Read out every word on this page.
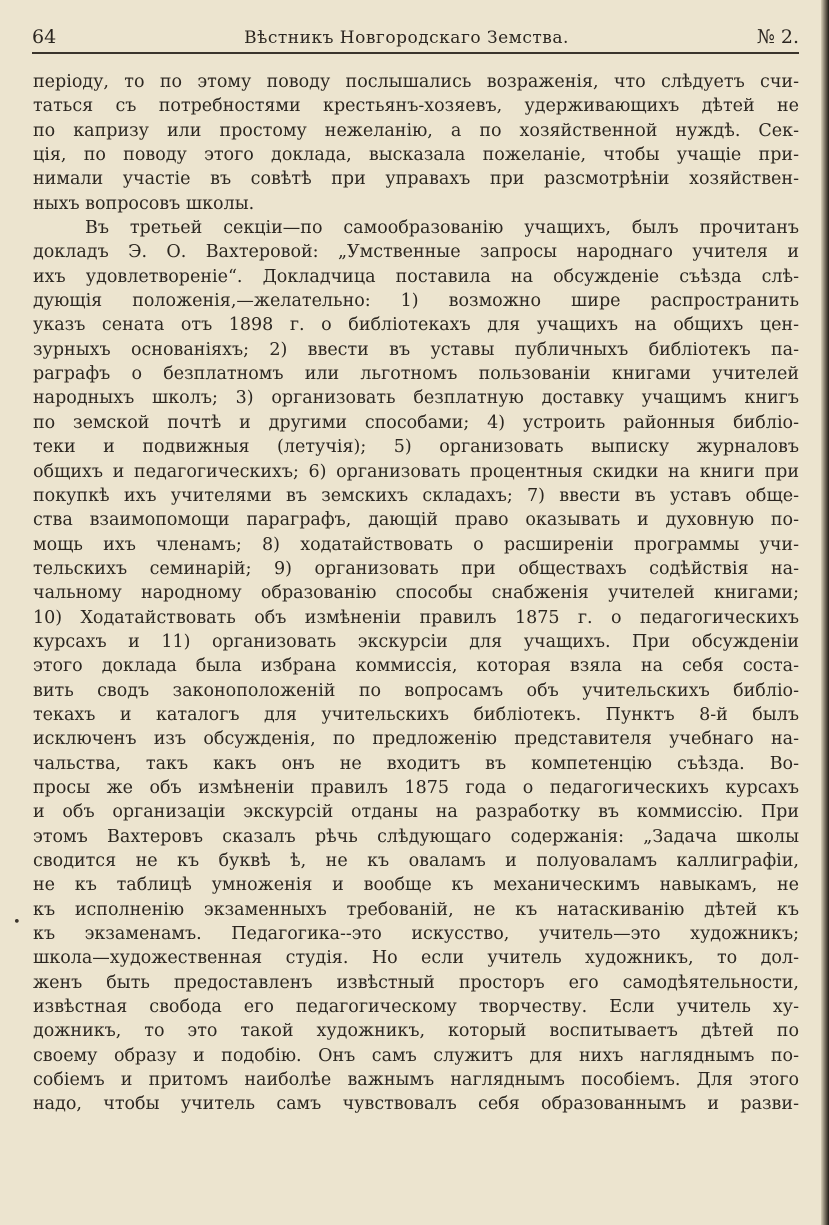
64	Вѣстникъ Новгородскаго Земства.	№ 2.
періоду, то по этому поводу послышались возраженія, что слѣдуетъ счи-
таться съ потребностями крестьянъ-хозяевъ, удерживающихъ дѣтей не
по капризу или простому нежеланію, а по хозяйственной нуждѣ. Сек-
ція, по поводу этого доклада, высказала пожеланіе, чтобы учащіе при-
нимали участіе въ совѣтѣ при управахъ при разсмотрѣніи хозяйствен-
ныхъ вопросовъ школы.
Въ третьей секціи—по самообразованію учащихъ, былъ прочитанъ
докладъ Э. О. Вахтеровой: „Умственные запросы народнаго учителя и
ихъ удовлетвореніе“. Докладчица поставила на обсужденіе съѣзда слѣ-
дующія положенія,—желательно: 1) возможно шире распространить
указъ сената отъ 1898 г. о библіотекахъ для учащихъ на общихъ цен-
зурныхъ основаніяхъ; 2) ввести въ уставы публичныхъ библіотекъ па-
раграфъ о безплатномъ или льготномъ пользованіи книгами учителей
народныхъ школъ; 3) организовать безплатную доставку учащимъ книгъ
по земской почтѣ и другими способами; 4) устроить районныя библіо-
теки и подвижныя (летучія); 5) организовать выписку журналовъ
общихъ и педагогическихъ; 6) организовать процентныя скидки на книги при
покупкѣ ихъ учителями въ земскихъ складахъ; 7) ввести въ уставъ обще-
ства взаимопомощи параграфъ, дающій право оказывать и духовную по-
мощь ихъ членамъ; 8) ходатайствовать о расширеніи программы учи-
тельскихъ семинарій; 9) организовать при обществахъ содѣйствія на-
чальному народному образованію способы снабженія учителей книгами;
10) Ходатайствовать объ измѣненіи правилъ 1875 г. о педагогическихъ
курсахъ и 11) организовать экскурсіи для учащихъ. При обсужденіи
этого доклада была избрана коммиссія, которая взяла на себя соста-
вить сводъ законоположеній по вопросамъ объ учительскихъ библіо-
текахъ и каталогъ для учительскихъ библіотекъ. Пунктъ 8-й былъ
исключенъ изъ обсужденія, по предложенію представителя учебнаго на-
чальства, такъ какъ онъ не входитъ въ компетенцію съѣзда. Во-
просы же объ измѣненіи правилъ 1875 года о педагогическихъ курсахъ
и объ организаціи экскурсій отданы на разработку въ коммиссію. При
этомъ Вахтеровъ сказалъ рѣчь слѣдующаго содержанія: „Задача школы
сводится не къ буквѣ ѣ, не къ оваламъ и полуоваламъ каллиграфіи,
не къ таблицѣ умноженія и вообще къ механическимъ навыкамъ, не
къ исполненію экзаменныхъ требованій, не къ натаскиванію дѣтей къ
къ экзаменамъ. Педагогика--это искусство, учитель—это художникъ;
школа—художественная студія. Но если учитель художникъ, то дол-
женъ быть предоставленъ извѣстный просторъ его самодѣятельности,
извѣстная свобода его педагогическому творчеству. Если учитель ху-
дожникъ, то это такой художникъ, который воспитываетъ дѣтей по
своему образу и подобію. Онъ самъ служитъ для нихъ нагляднымъ по-
собіемъ и притомъ наиболѣе важнымъ нагляднымъ пособіемъ. Для этого
надо, чтобы учитель самъ чувствовалъ себя образованнымъ и разви-
•
